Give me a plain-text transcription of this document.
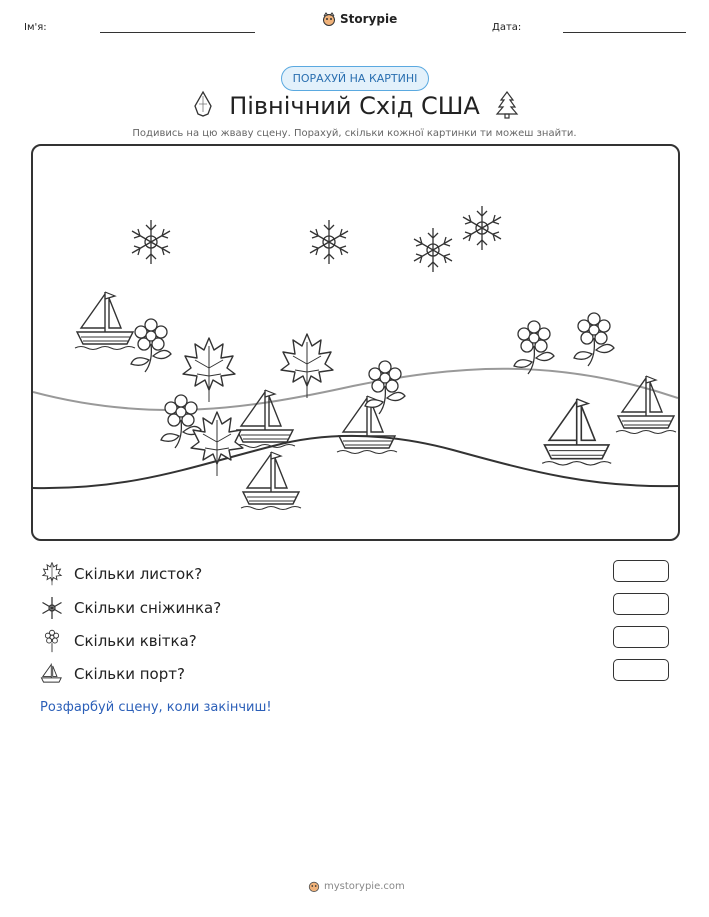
Ім'я:
Storypie
Дата:
ПОРАХУЙ НА КАРТИНІ
Північний Схід США
Подивись на цю жваву сцену. Порахуй, скільки кожної картинки ти можеш знайти.
Скільки листок?
Скільки сніжинка?
Скільки квітка?
Скільки порт?
Розфарбуй сцену, коли закінчиш!
mystorypie.com
